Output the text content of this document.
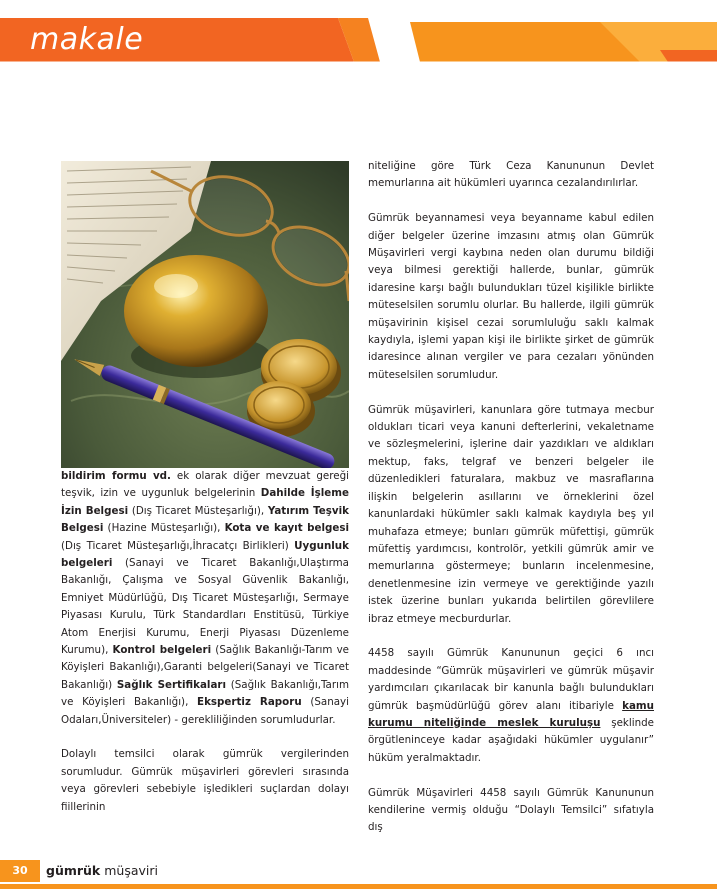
makale

bildirim formu vd. ek olarak diğer mevzuat gereği teşvik, izin ve uygunluk belgelerinin Dahilde İşleme İzin Belgesi (Dış Ticaret Müsteşarlığı), Yatırım Teşvik Belgesi (Hazine Müsteşarlığı), Kota ve kayıt belgesi (Dış Ticaret Müsteşarlığı,İhracatçı Birlikleri) Uygunluk belgeleri (Sanayi ve Ticaret Bakanlığı,Ulaştırma Bakanlığı, Çalışma ve Sosyal Güvenlik Bakanlığı, Emniyet Müdürlüğü, Dış Ticaret Müsteşarlığı, Sermaye Piyasası Kurulu, Türk Standardları Enstitüsü, Türkiye Atom Enerjisi Kurumu, Enerji Piyasası Düzenleme Kurumu), Kontrol belgeleri (Sağlık Bakanlığı-Tarım ve Köyişleri Bakanlığı),Garanti belgeleri(Sanayi ve Ticaret Bakanlığı) Sağlık Sertifikaları (Sağlık Bakanlığı,Tarım ve Köyişleri Bakanlığı), Ekspertiz Raporu (Sanayi Odaları,Üniversiteler) - gerekliliğinden sorumludurlar.

Dolaylı temsilci olarak gümrük vergilerinden sorumludur. Gümrük müşavirleri görevleri sırasında veya görevleri sebebiyle işledikleri suçlardan dolayı fiillerinin

niteliğine göre Türk Ceza Kanununun Devlet memurlarına ait hükümleri uyarınca cezalandırılırlar.

Gümrük beyannamesi veya beyanname kabul edilen diğer belgeler üzerine imzasını atmış olan Gümrük Müşavirleri vergi kaybına neden olan durumu bildiği veya bilmesi gerektiği hallerde, bunlar, gümrük idaresine karşı bağlı bulundukları tüzel kişilikle birlikte müteselsilen sorumlu olurlar. Bu hallerde, ilgili gümrük müşavirinin kişisel cezai sorumluluğu saklı kalmak kaydıyla, işlemi yapan kişi ile birlikte şirket de gümrük idaresince alınan vergiler ve para cezaları yönünden müteselsilen sorumludur.

Gümrük müşavirleri, kanunlara göre tutmaya mecbur oldukları ticari veya kanuni defterlerini, vekaletname ve sözleşmelerini, işlerine dair yazdıkları ve aldıkları mektup, faks, telgraf ve benzeri belgeler ile düzenledikleri faturalara, makbuz ve masraflarına ilişkin belgelerin asıllarını ve örneklerini özel kanunlardaki hükümler saklı kalmak kaydıyla beş yıl muhafaza etmeye; bunları gümrük müfettişi, gümrük müfettiş yardımcısı, kontrolör, yetkili gümrük amir ve memurlarına göstermeye; bunların incelenmesine, denetlenmesine izin vermeye ve gerektiğinde yazılı istek üzerine bunları yukarıda belirtilen görevlilere ibraz etmeye mecburdurlar.

4458 sayılı Gümrük Kanununun geçici 6 ıncı maddesinde “Gümrük müşavirleri ve gümrük müşavir yardımcıları çıkarılacak bir kanunla bağlı bulundukları gümrük başmüdürlüğü görev alanı itibariyle kamu kurumu niteliğinde meslek kuruluşu şeklinde örgütleninceye kadar aşağıdaki hükümler uygulanır” hüküm yeralmaktadır.

Gümrük Müşavirleri 4458 sayılı Gümrük Kanununun kendilerine vermiş olduğu “Dolaylı Temsilci” sıfatıyla dış

30	gümrük müşaviri
